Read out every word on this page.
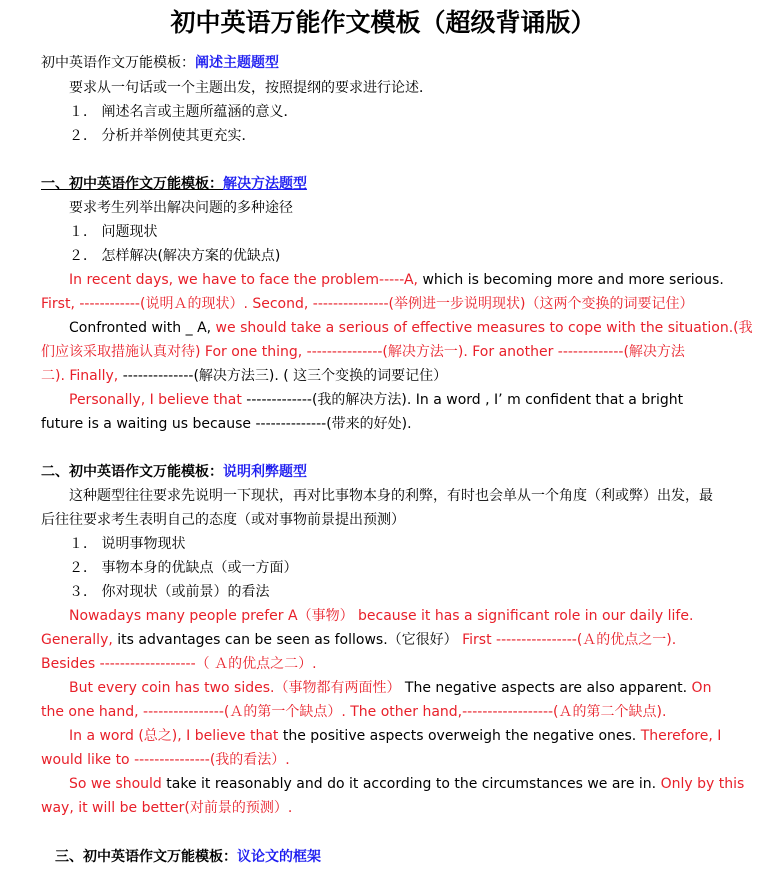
初中英语万能作文模板（超级背诵版）
初中英语作文万能模板：阐述主题题型
要求从一句话或一个主题出发，按照提纲的要求进行论述．
１． 阐述名言或主题所蕴涵的意义．
２． 分析并举例使其更充实．
一、初中英语作文万能模板：解决方法题型
要求考生列举出解决问题的多种途径
１． 问题现状
２． 怎样解决(解决方案的优缺点)
In recent days, we have to face the problem-----A, which is becoming more and more serious.
First, ------------(说明Ａ的现状）. Second, ---------------(举例进一步说明现状)（这两个变换的词要记住）
Confronted with _ A, we should take a serious of effective measures to cope with the situation.(我
们应该采取措施认真对待) For one thing, ---------------(解决方法一). For another -------------(解决方法
二). Finally, --------------(解决方法三). ( 这三个变换的词要记住）
Personally, I believe that -------------(我的解决方法). In a word , I’ m confident that a bright
future is a waiting us because --------------(带来的好处).
二、初中英语作文万能模板：说明利弊题型
这种题型往往要求先说明一下现状，再对比事物本身的利弊，有时也会单从一个角度（利或弊）出发，最
后往往要求考生表明自己的态度（或对事物前景提出预测）
１． 说明事物现状
２． 事物本身的优缺点（或一方面）
３． 你对现状（或前景）的看法
Nowadays many people prefer A（事物） because it has a significant role in our daily life.
Generally, its advantages can be seen as follows.（它很好） First ----------------(Ａ的优点之一).
Besides -------------------（ Ａ的优点之二）.
But every coin has two sides.（事物都有两面性） The negative aspects are also apparent. On
the one hand, ----------------(Ａ的第一个缺点）. The other hand,------------------(Ａ的第二个缺点).
In a word (总之), I believe that the positive aspects overweigh the negative ones. Therefore, I
would like to ---------------(我的看法）.
So we should take it reasonably and do it according to the circumstances we are in. Only by this
way, it will be better(对前景的预测）.
三、初中英语作文万能模板：议论文的框架
